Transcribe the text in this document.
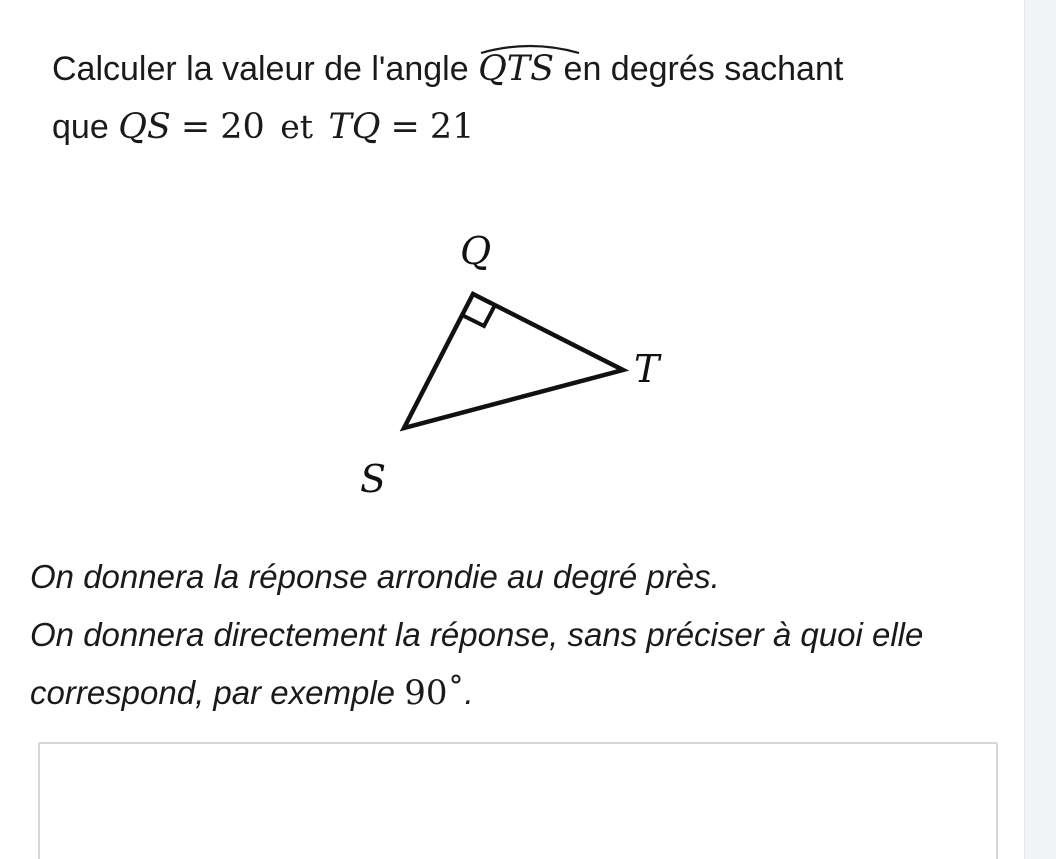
Calculer la valeur de l'angle QTS en degrés sachant
que QS = 20 et TQ = 21
Q
T
S

On donnera la réponse arrondie au degré près.

On donnera directement la réponse, sans préciser à quoi elle
correspond, par exemple 90˚.
